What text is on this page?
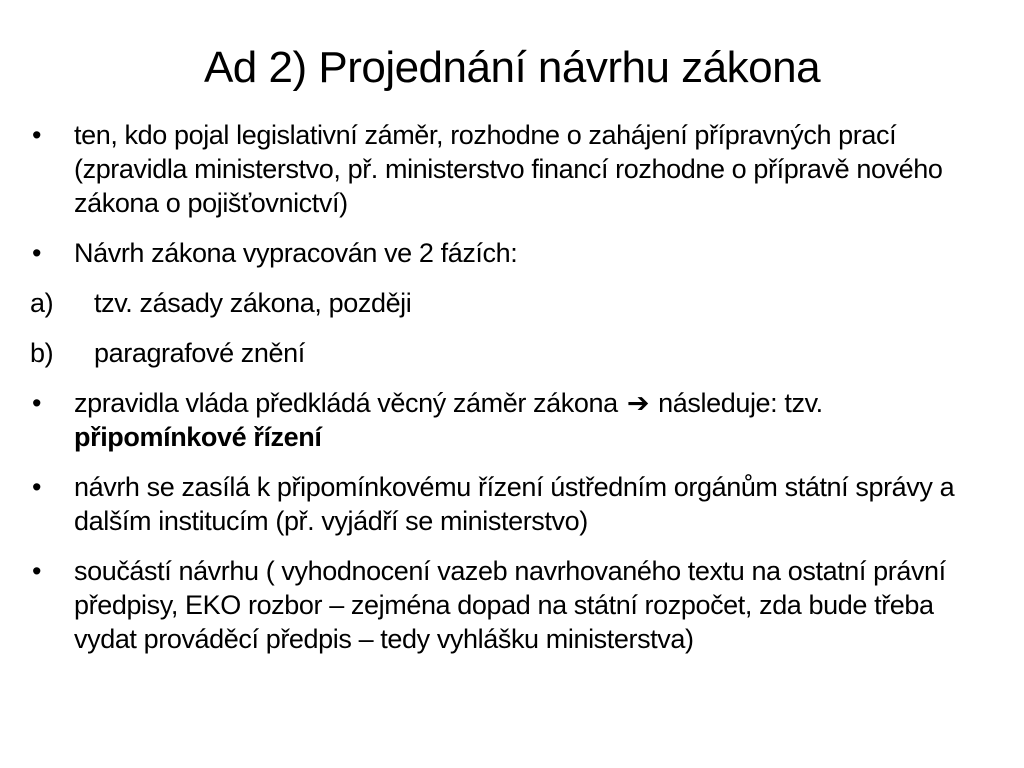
Ad 2) Projednání návrhu zákona
• ten, kdo pojal legislativní záměr, rozhodne o zahájení přípravných prací (zpravidla ministerstvo, př. ministerstvo financí rozhodne o přípravě nového zákona o pojišťovnictví)
• Návrh zákona vypracován ve 2 fázích:
a) tzv. zásady zákona, později
b) paragrafové znění
• zpravidla vláda předkládá věcný záměr zákona ➔ následuje: tzv. připomínkové řízení
• návrh se zasílá k připomínkovému řízení ústředním orgánům státní správy a dalším institucím (př. vyjádří se ministerstvo)
• součástí návrhu ( vyhodnocení vazeb navrhovaného textu na ostatní právní předpisy, EKO rozbor – zejména dopad na státní rozpočet, zda bude třeba vydat prováděcí předpis – tedy vyhlášku ministerstva)
